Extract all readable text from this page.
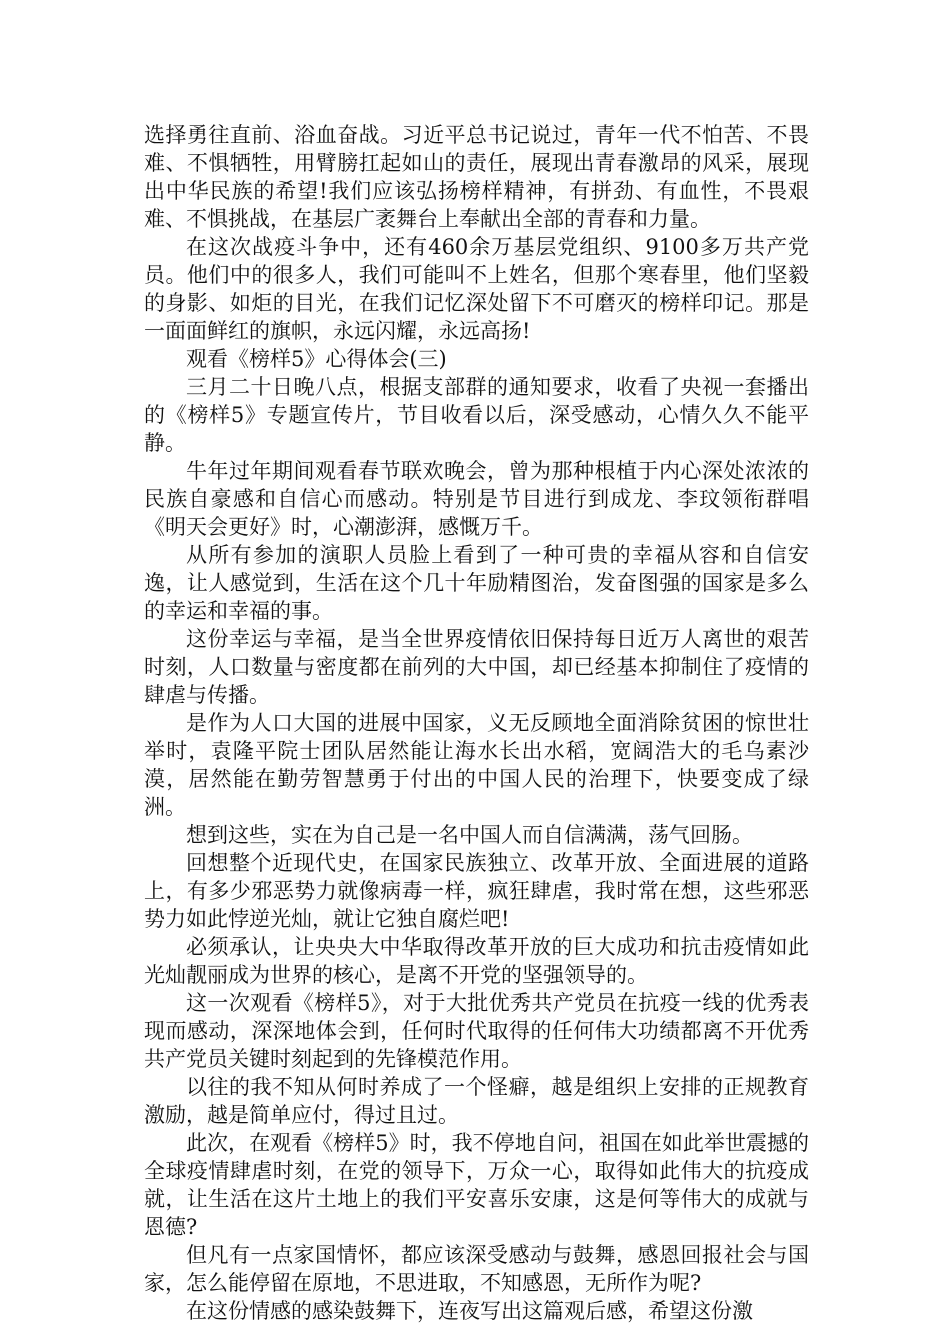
选择勇往直前、浴血奋战。习近平总书记说过，青年一代不怕苦、不畏难、不惧牺牲，用臂膀扛起如山的责任，展现出青春激昂的风采，展现出中华民族的希望!我们应该弘扬榜样精神，有拼劲、有血性，不畏艰难、不惧挑战，在基层广袤舞台上奉献出全部的青春和力量。

在这次战疫斗争中，还有460余万基层党组织、9100多万共产党员。他们中的很多人，我们可能叫不上姓名，但那个寒春里，他们坚毅的身影、如炬的目光，在我们记忆深处留下不可磨灭的榜样印记。那是一面面鲜红的旗帜，永远闪耀，永远高扬!

观看《榜样5》心得体会(三)

三月二十日晚八点，根据支部群的通知要求，收看了央视一套播出的《榜样5》专题宣传片，节目收看以后，深受感动，心情久久不能平静。

牛年过年期间观看春节联欢晚会，曾为那种根植于内心深处浓浓的民族自豪感和自信心而感动。特别是节目进行到成龙、李玟领衔群唱《明天会更好》时，心潮澎湃，感慨万千。

从所有参加的演职人员脸上看到了一种可贵的幸福从容和自信安逸，让人感觉到，生活在这个几十年励精图治，发奋图强的国家是多么的幸运和幸福的事。

这份幸运与幸福，是当全世界疫情依旧保持每日近万人离世的艰苦时刻，人口数量与密度都在前列的大中国，却已经基本抑制住了疫情的肆虐与传播。

是作为人口大国的进展中国家，义无反顾地全面消除贫困的惊世壮举时，袁隆平院士团队居然能让海水长出水稻，宽阔浩大的毛乌素沙漠，居然能在勤劳智慧勇于付出的中国人民的治理下，快要变成了绿洲。

想到这些，实在为自己是一名中国人而自信满满，荡气回肠。

回想整个近现代史，在国家民族独立、改革开放、全面进展的道路上，有多少邪恶势力就像病毒一样，疯狂肆虐，我时常在想，这些邪恶势力如此悖逆光灿，就让它独自腐烂吧!

必须承认，让央央大中华取得改革开放的巨大成功和抗击疫情如此光灿靓丽成为世界的核心，是离不开党的坚强领导的。

这一次观看《榜样5》，对于大批优秀共产党员在抗疫一线的优秀表现而感动，深深地体会到，任何时代取得的任何伟大功绩都离不开优秀共产党员关键时刻起到的先锋模范作用。

以往的我不知从何时养成了一个怪癖，越是组织上安排的正规教育激励，越是简单应付，得过且过。

此次，在观看《榜样5》时，我不停地自问，祖国在如此举世震撼的全球疫情肆虐时刻，在党的领导下，万众一心，取得如此伟大的抗疫成就，让生活在这片土地上的我们平安喜乐安康，这是何等伟大的成就与恩德?

但凡有一点家国情怀，都应该深受感动与鼓舞，感恩回报社会与国家，怎么能停留在原地，不思进取，不知感恩，无所作为呢?

在这份情感的感染鼓舞下，连夜写出这篇观后感，希望这份激
